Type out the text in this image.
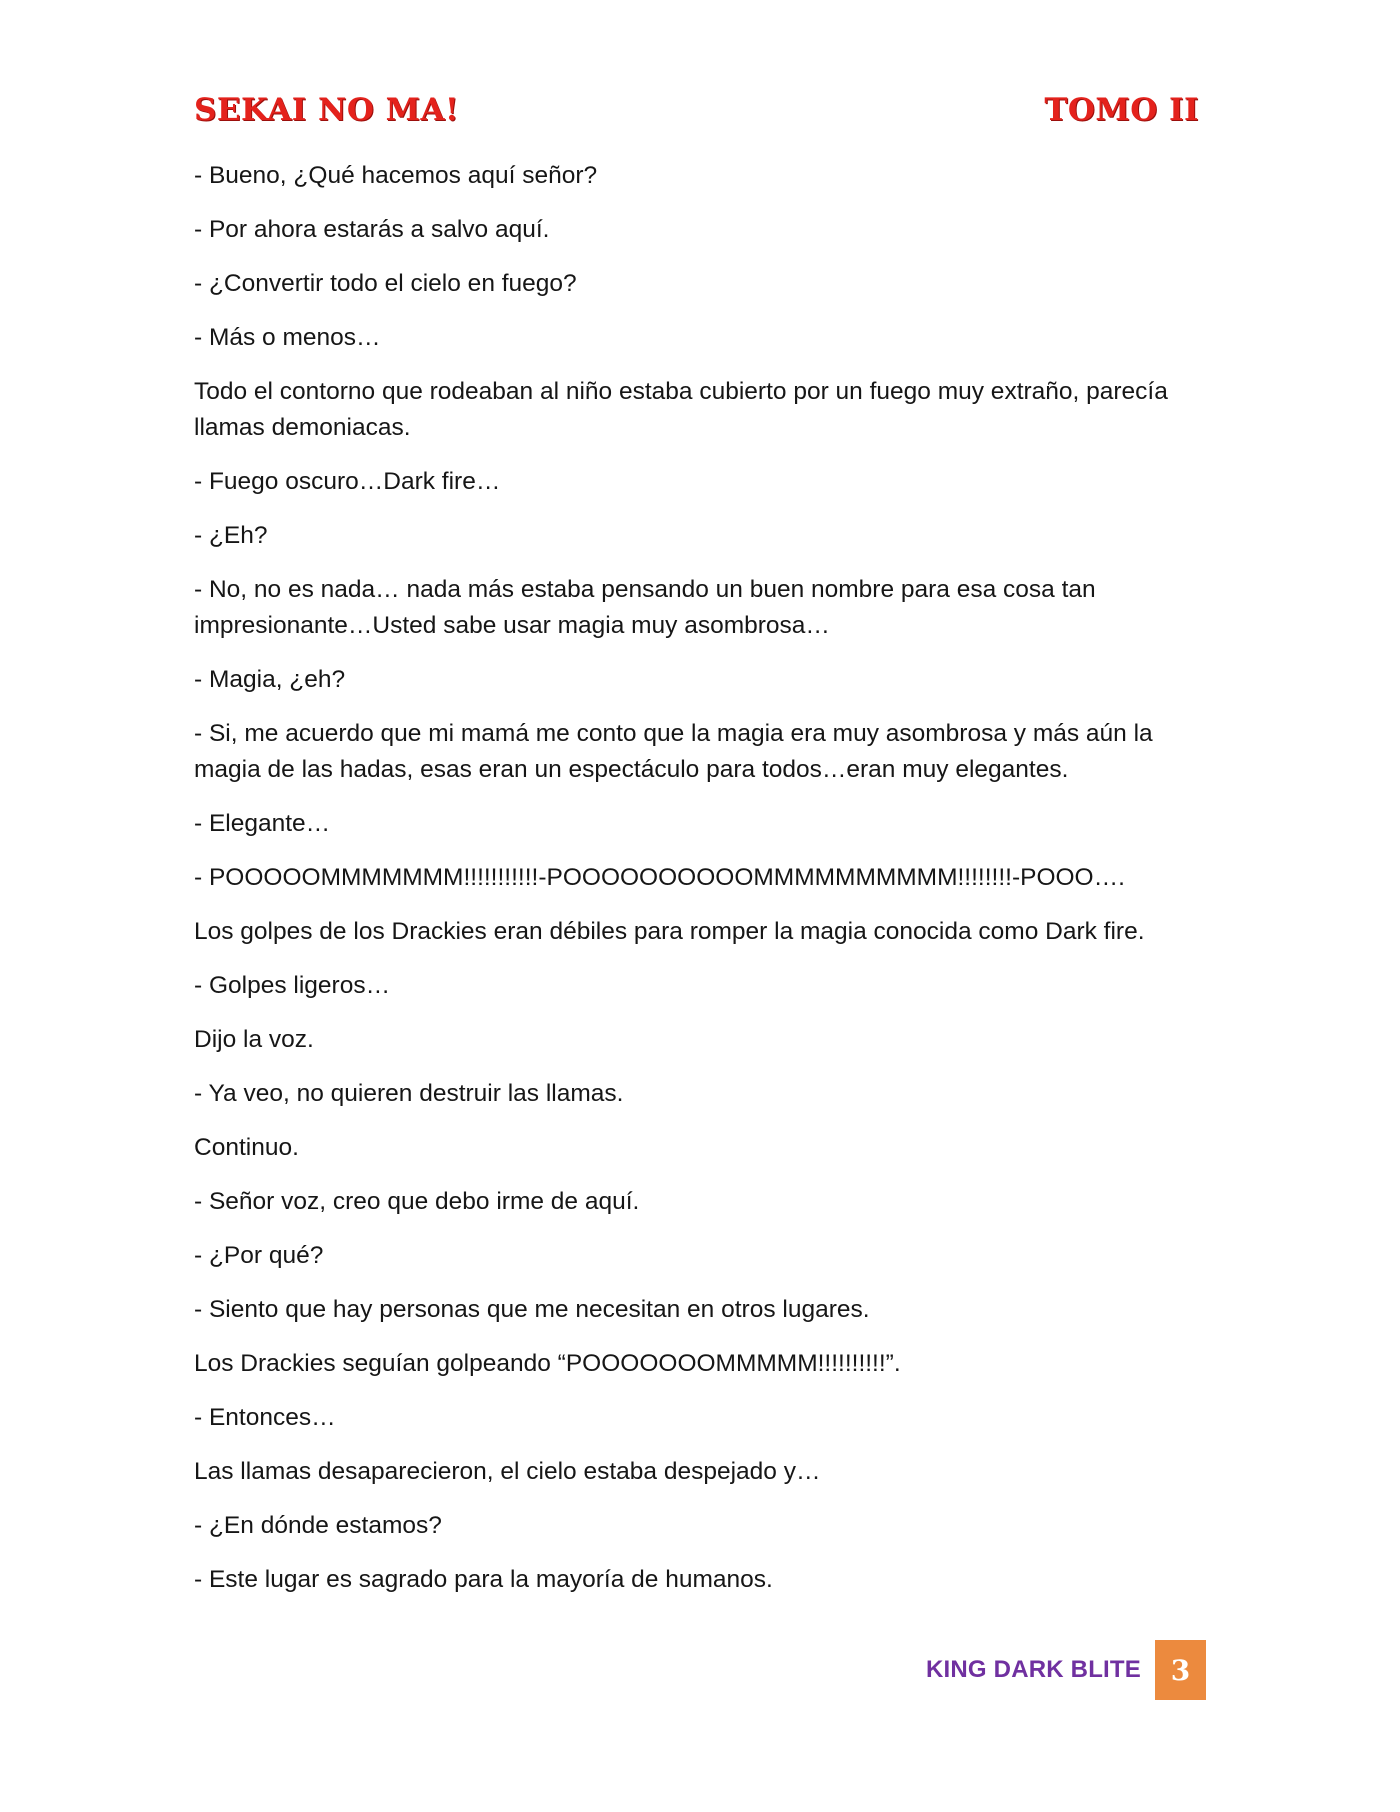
SEKAI NO MA!	TOMO II

- Bueno, ¿Qué hacemos aquí señor?

- Por ahora estarás a salvo aquí.

- ¿Convertir todo el cielo en fuego?

- Más o menos…

Todo el contorno que rodeaban al niño estaba cubierto por un fuego muy extraño, parecía llamas demoniacas.

- Fuego oscuro…Dark fire…

- ¿Eh?

- No, no es nada… nada más estaba pensando un buen nombre para esa cosa tan impresionante…Usted sabe usar magia muy asombrosa…

- Magia, ¿eh?

- Si, me acuerdo que mi mamá me conto que la magia era muy asombrosa y más aún la magia de las hadas, esas eran un espectáculo para todos…eran muy elegantes.

- Elegante…

- POOOOOMMMMMMM!!!!!!!!!!!-POOOOOOOOOOMMMMMMMMMM!!!!!!!!-POOO….

Los golpes de los Drackies eran débiles para romper la magia conocida como Dark fire.

- Golpes ligeros…

Dijo la voz.

- Ya veo, no quieren destruir las llamas.

Continuo.

- Señor voz, creo que debo irme de aquí.

- ¿Por qué?

- Siento que hay personas que me necesitan en otros lugares.

Los Drackies seguían golpeando “POOOOOOOMMMMM!!!!!!!!!!”.

- Entonces…

Las llamas desaparecieron, el cielo estaba despejado y…

- ¿En dónde estamos?

- Este lugar es sagrado para la mayoría de humanos.

KING DARK BLITE	3
